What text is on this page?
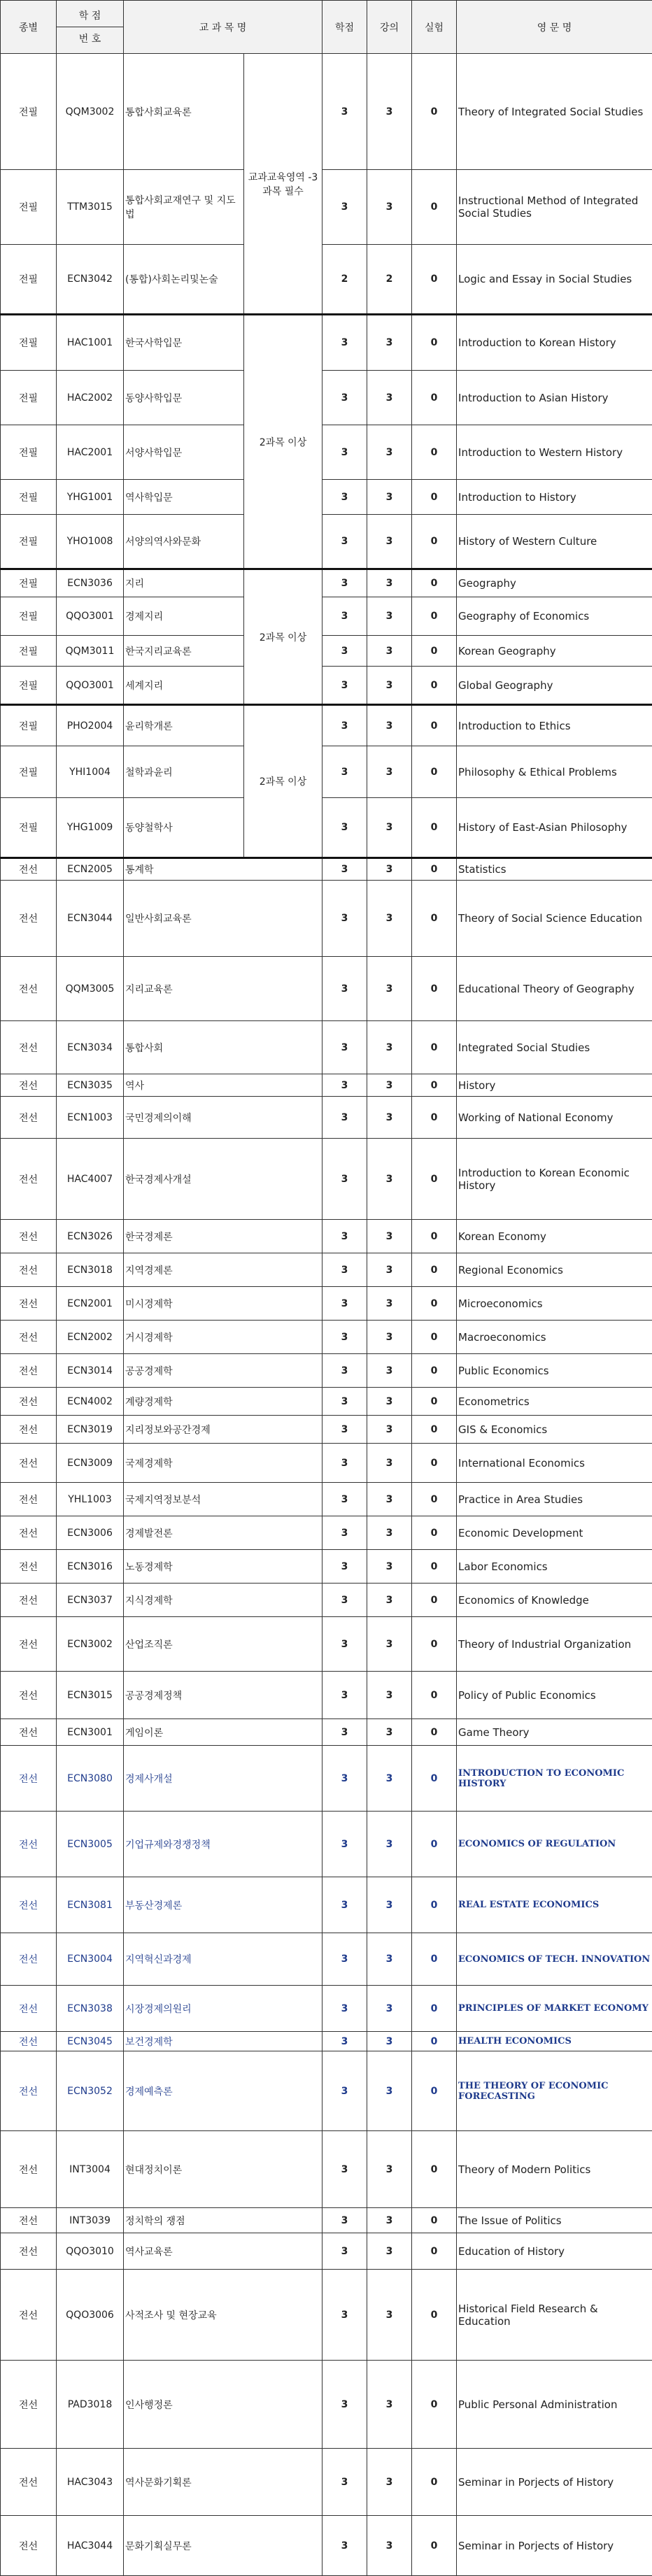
종별	학 점
번 호	교 과 목 명		학점	강의	실험	영 문 명
전필	QQM3002	통합사회교육론	교과교육영역 -3과목 필수	3	3	0	Theory of Integrated Social Studies
전필	TTM3015	통합사회교재연구 및 지도법		3	3	0	Instructional Method of Integrated Social Studies
전필	ECN3042	(통합)사회논리및논술		2	2	0	Logic and Essay in Social Studies
전필	HAC1001	한국사학입문	2과목 이상	3	3	0	Introduction to Korean History
전필	HAC2002	동양사학입문		3	3	0	Introduction to Asian History
전필	HAC2001	서양사학입문		3	3	0	Introduction to Western History
전필	YHG1001	역사학입문		3	3	0	Introduction to History
전필	YHO1008	서양의역사와문화		3	3	0	History of Western Culture
전필	ECN3036	지리	2과목 이상	3	3	0	Geography
전필	QQO3001	경제지리		3	3	0	Geography of Economics
전필	QQM3011	한국지리교육론		3	3	0	Korean Geography
전필	QQO3001	세계지리		3	3	0	Global Geography
전필	PHO2004	윤리학개론	2과목 이상	3	3	0	Introduction to Ethics
전필	YHI1004	철학과윤리		3	3	0	Philosophy & Ethical Problems
전필	YHG1009	동양철학사		3	3	0	History of East-Asian Philosophy
전선	ECN2005	통계학		3	3	0	Statistics
전선	ECN3044	일반사회교육론		3	3	0	Theory of Social Science Education
전선	QQM3005	지리교육론		3	3	0	Educational Theory of Geography
전선	ECN3034	통합사회		3	3	0	Integrated Social Studies
전선	ECN3035	역사		3	3	0	History
전선	ECN1003	국민경제의이해		3	3	0	Working of National Economy
전선	HAC4007	한국경제사개설		3	3	0	Introduction to Korean Economic History
전선	ECN3026	한국경제론		3	3	0	Korean Economy
전선	ECN3018	지역경제론		3	3	0	Regional Economics
전선	ECN2001	미시경제학		3	3	0	Microeconomics
전선	ECN2002	거시경제학		3	3	0	Macroeconomics
전선	ECN3014	공공경제학		3	3	0	Public Economics
전선	ECN4002	계량경제학		3	3	0	Econometrics
전선	ECN3019	지리정보와공간경제		3	3	0	GIS & Economics
전선	ECN3009	국제경제학		3	3	0	International Economics
전선	YHL1003	국제지역정보분석		3	3	0	Practice in Area Studies
전선	ECN3006	경제발전론		3	3	0	Economic Development
전선	ECN3016	노동경제학		3	3	0	Labor Economics
전선	ECN3037	지식경제학		3	3	0	Economics of Knowledge
전선	ECN3002	산업조직론		3	3	0	Theory of Industrial Organization
전선	ECN3015	공공경제정책		3	3	0	Policy of Public Economics
전선	ECN3001	게임이론		3	3	0	Game Theory
전선	ECN3080	경제사개설		3	3	0	INTRODUCTION TO ECONOMIC HISTORY
전선	ECN3005	기업규제와경쟁정책		3	3	0	ECONOMICS OF REGULATION
전선	ECN3081	부동산경제론		3	3	0	REAL ESTATE ECONOMICS
전선	ECN3004	지역혁신과경제		3	3	0	ECONOMICS OF TECH. INNOVATION
전선	ECN3038	시장경제의원리		3	3	0	PRINCIPLES OF MARKET ECONOMY
전선	ECN3045	보건경제학		3	3	0	HEALTH ECONOMICS
전선	ECN3052	경제예측론		3	3	0	THE THEORY OF ECONOMIC FORECASTING
전선	INT3004	현대정치이론		3	3	0	Theory of Modern Politics
전선	INT3039	정치학의 쟁점		3	3	0	The Issue of Politics
전선	QQO3010	역사교육론		3	3	0	Education of History
전선	QQO3006	사적조사 및 현장교육		3	3	0	Historical Field Research & Education
전선	PAD3018	인사행정론		3	3	0	Public Personal Administration
전선	HAC3043	역사문화기획론		3	3	0	Seminar in Porjects of History
전선	HAC3044	문화기획실무론		3	3	0	Seminar in Porjects of History
